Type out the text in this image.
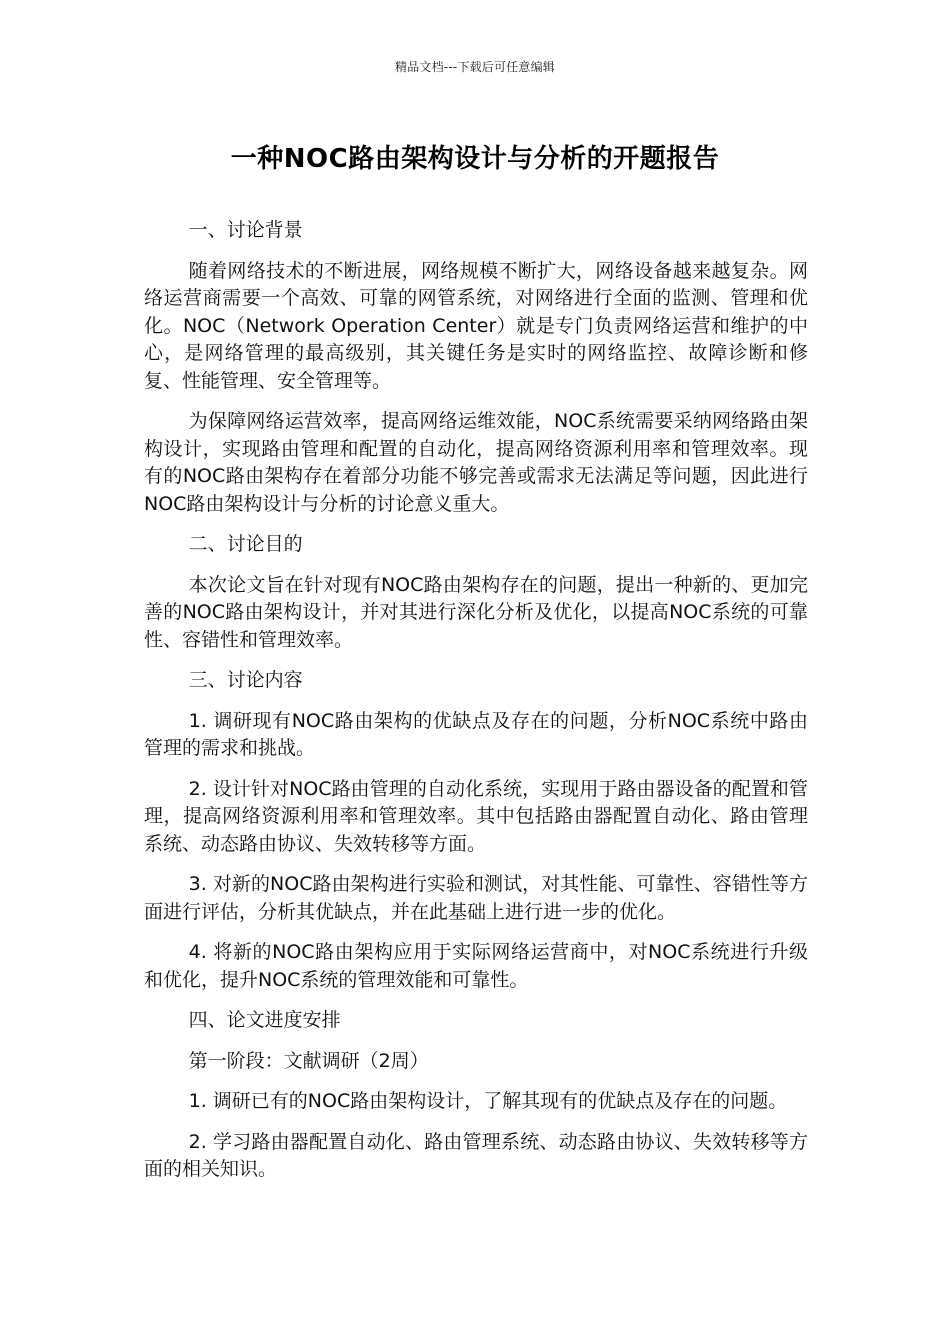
精品文档---下载后可任意编辑
一种NOC路由架构设计与分析的开题报告

一、讨论背景

随着网络技术的不断进展，网络规模不断扩大，网络设备越来越复杂。网络运营商需要一个高效、可靠的网管系统，对网络进行全面的监测、管理和优化。NOC（Network Operation Center）就是专门负责网络运营和维护的中心，是网络管理的最高级别，其关键任务是实时的网络监控、故障诊断和修复、性能管理、安全管理等。

为保障网络运营效率，提高网络运维效能，NOC系统需要采纳网络路由架构设计，实现路由管理和配置的自动化，提高网络资源利用率和管理效率。现有的NOC路由架构存在着部分功能不够完善或需求无法满足等问题，因此进行NOC路由架构设计与分析的讨论意义重大。

二、讨论目的

本次论文旨在针对现有NOC路由架构存在的问题，提出一种新的、更加完善的NOC路由架构设计，并对其进行深化分析及优化，以提高NOC系统的可靠性、容错性和管理效率。

三、讨论内容

1. 调研现有NOC路由架构的优缺点及存在的问题，分析NOC系统中路由管理的需求和挑战。

2. 设计针对NOC路由管理的自动化系统，实现用于路由器设备的配置和管理，提高网络资源利用率和管理效率。其中包括路由器配置自动化、路由管理系统、动态路由协议、失效转移等方面。

3. 对新的NOC路由架构进行实验和测试，对其性能、可靠性、容错性等方面进行评估，分析其优缺点，并在此基础上进行进一步的优化。

4. 将新的NOC路由架构应用于实际网络运营商中，对NOC系统进行升级和优化，提升NOC系统的管理效能和可靠性。

四、论文进度安排

第一阶段：文献调研（2周）

1. 调研已有的NOC路由架构设计，了解其现有的优缺点及存在的问题。

2. 学习路由器配置自动化、路由管理系统、动态路由协议、失效转移等方面的相关知识。
